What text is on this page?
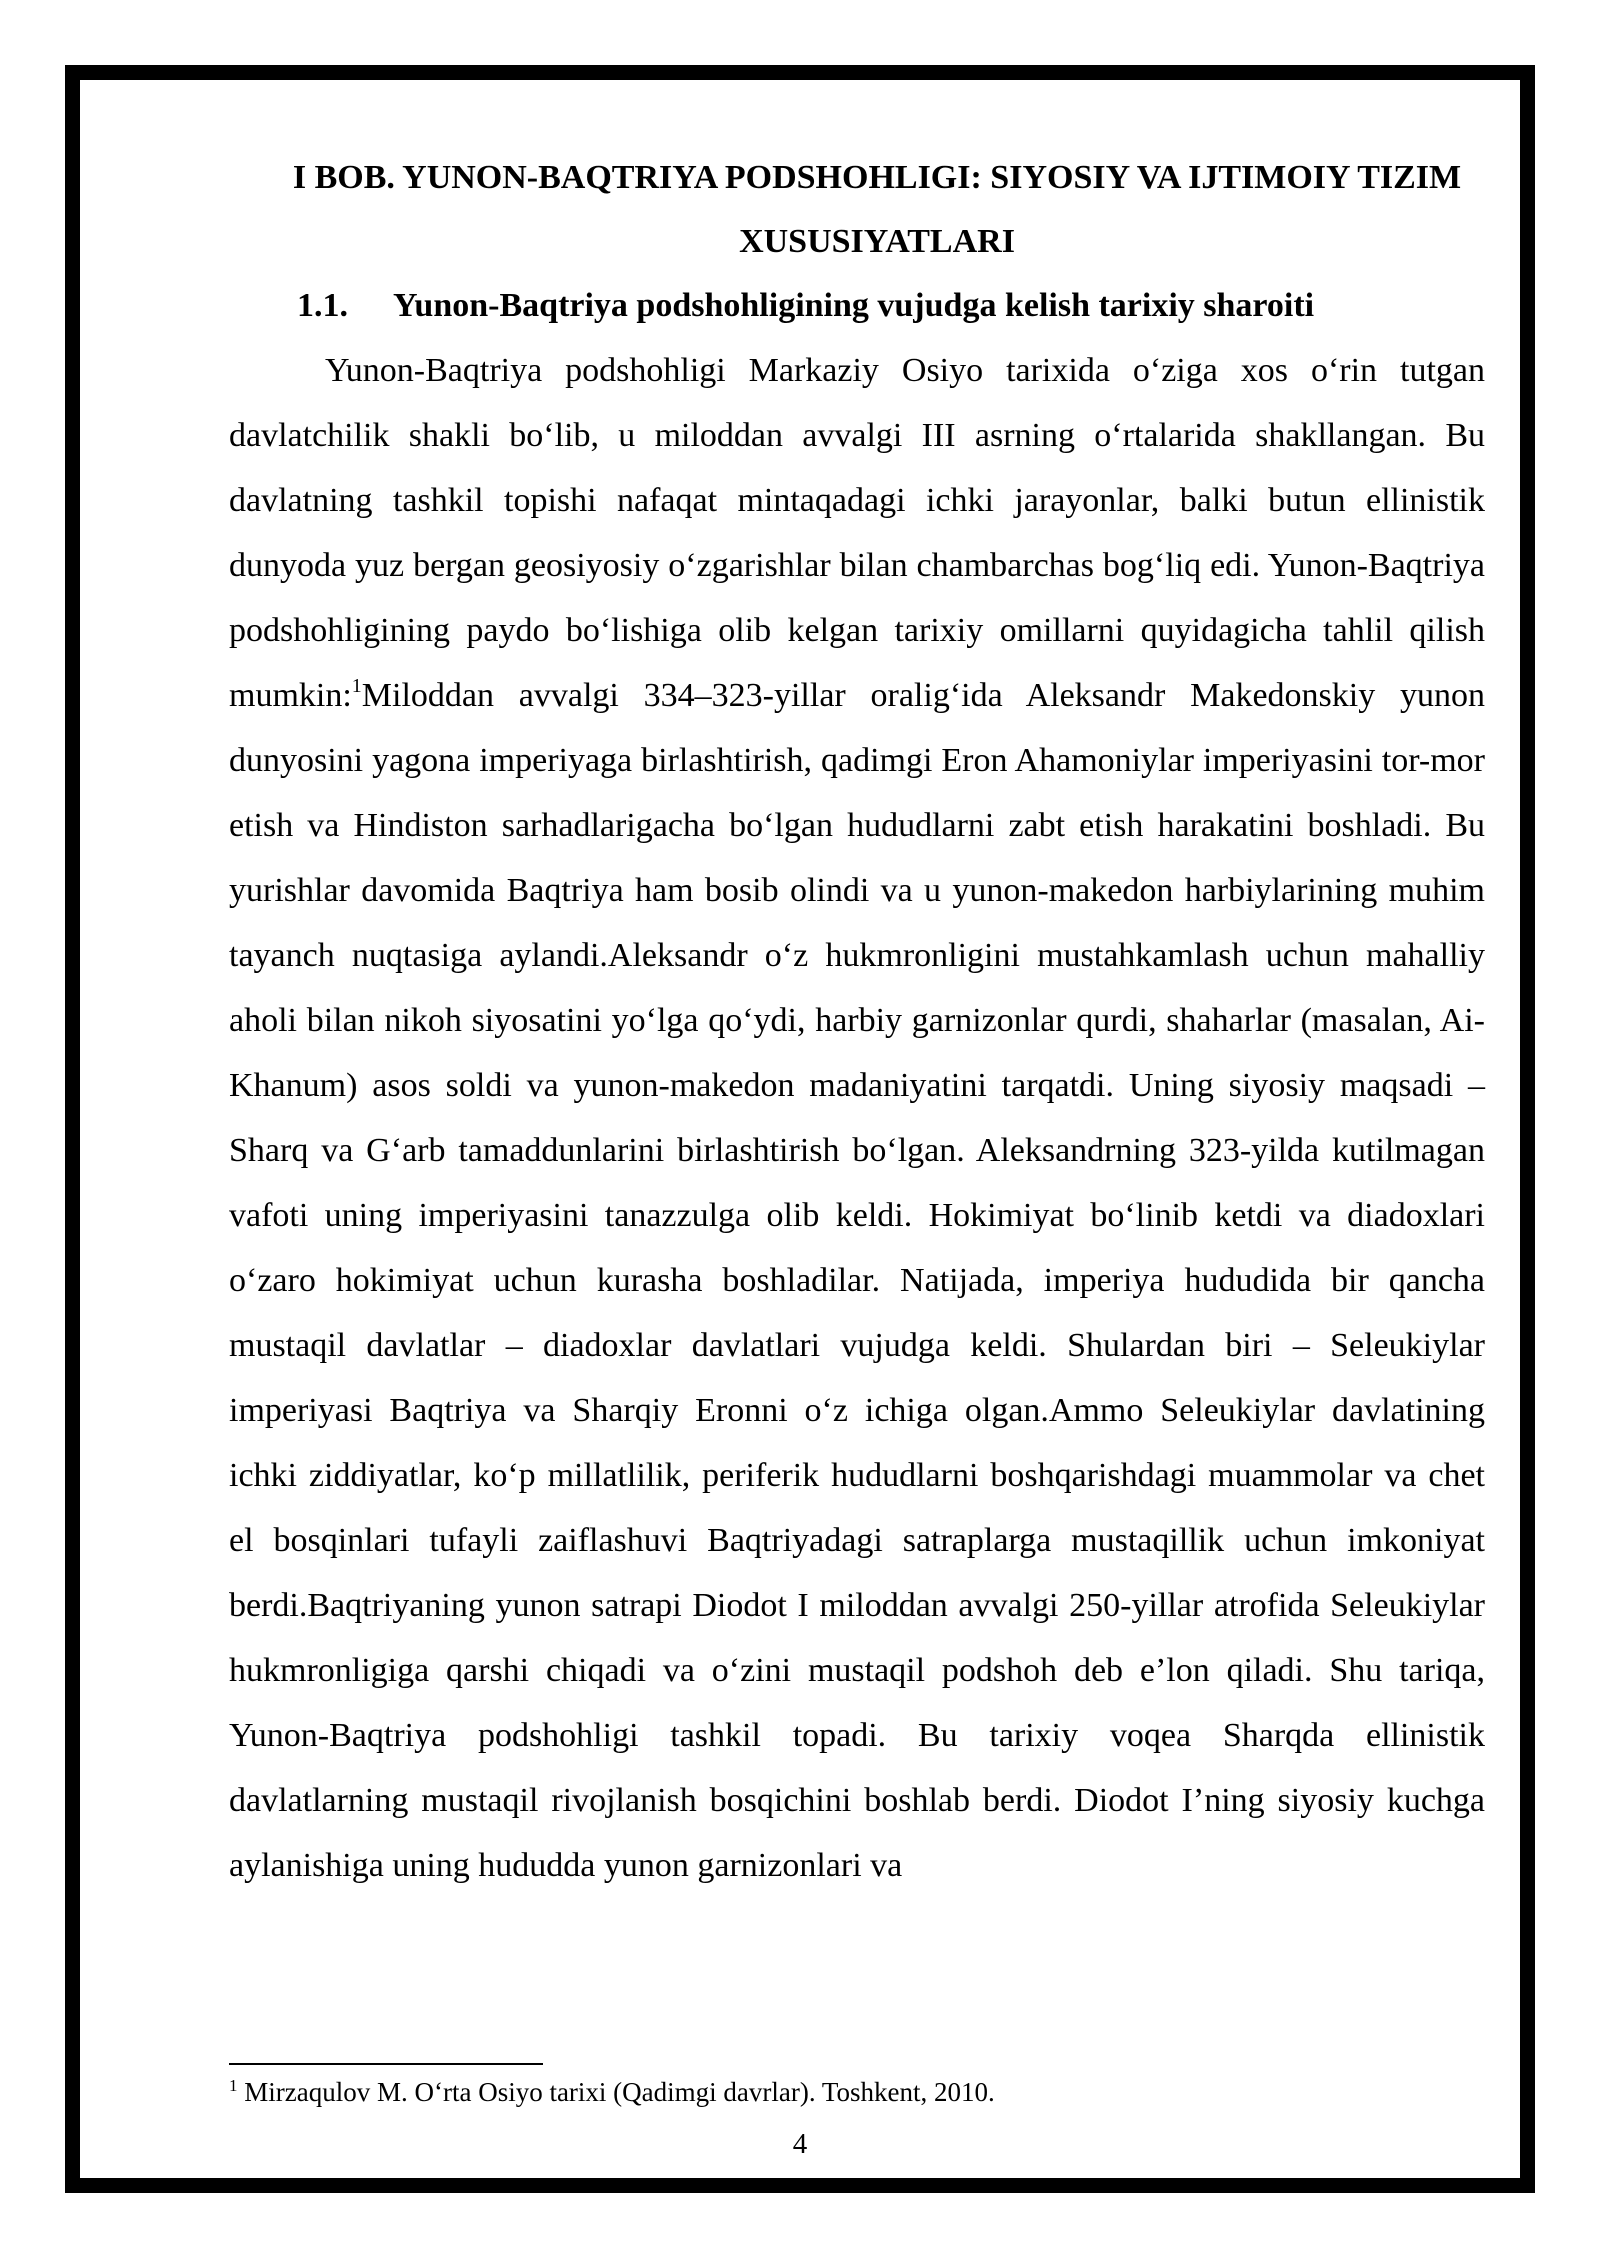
I BOB. YUNON-BAQTRIYA PODSHOHLIGI: SIYOSIY VA IJTIMOIY TIZIM XUSUSIYATLARI
1.1. Yunon-Baqtriya podshohligining vujudga kelish tarixiy sharoiti

Yunon-Baqtriya podshohligi Markaziy Osiyo tarixida o‘ziga xos o‘rin tutgan davlatchilik shakli bo‘lib, u miloddan avvalgi III asrning o‘rtalarida shakllangan. Bu davlatning tashkil topishi nafaqat mintaqadagi ichki jarayonlar, balki butun ellinistik dunyoda yuz bergan geosiyosiy o‘zgarishlar bilan chambarchas bog‘liq edi. Yunon-Baqtriya podshohligining paydo bo‘lishiga olib kelgan tarixiy omillarni quyidagicha tahlil qilish mumkin:$^1$Miloddan avvalgi 334–323-yillar oralig‘ida Aleksandr Makedonskiy yunon dunyosini yagona imperiyaga birlashtirish, qadimgi Eron Ahamoniylar imperiyasini tor-mor etish va Hindiston sarhadlarigacha bo‘lgan hududlarni zabt etish harakatini boshladi. Bu yurishlar davomida Baqtriya ham bosib olindi va u yunon-makedon harbiylarining muhim tayanch nuqtasiga aylandi.Aleksandr o‘z hukmronligini mustahkamlash uchun mahalliy aholi bilan nikoh siyosatini yo‘lga qo‘ydi, harbiy garnizonlar qurdi, shaharlar (masalan, Ai-Khanum) asos soldi va yunon-makedon madaniyatini tarqatdi. Uning siyosiy maqsadi – Sharq va G‘arb tamaddunlarini birlashtirish bo‘lgan. Aleksandrning 323-yilda kutilmagan vafoti uning imperiyasini tanazzulga olib keldi. Hokimiyat bo‘linib ketdi va diadoxlari o‘zaro hokimiyat uchun kurasha boshladilar. Natijada, imperiya hududida bir qancha mustaqil davlatlar – diadoxlar davlatlari vujudga keldi. Shulardan biri – Seleukiylar imperiyasi Baqtriya va Sharqiy Eronni o‘z ichiga olgan.Ammo Seleukiylar davlatining ichki ziddiyatlar, ko‘p millatlilik, periferik hududlarni boshqarishdagi muammolar va chet el bosqinlari tufayli zaiflashuvi Baqtriyadagi satraplarga mustaqillik uchun imkoniyat berdi.Baqtriyaning yunon satrapi Diodot I miloddan avvalgi 250-yillar atrofida Seleukiylar hukmronligiga qarshi chiqadi va o‘zini mustaqil podshoh deb e’lon qiladi. Shu tariqa, Yunon-Baqtriya podshohligi tashkil topadi. Bu tarixiy voqea Sharqda ellinistik davlatlarning mustaqil rivojlanish bosqichini boshlab berdi. Diodot I’ning siyosiy kuchga aylanishiga uning hududda yunon garnizonlari va

$^1$ Mirzaqulov M. O‘rta Osiyo tarixi (Qadimgi davrlar). Toshkent, 2010.
4
